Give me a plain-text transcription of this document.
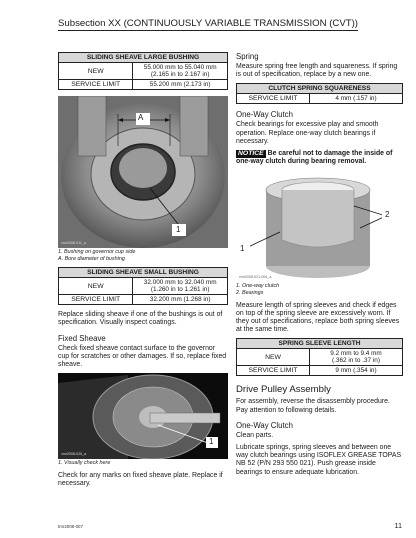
Subsection XX (CONTINUOUSLY VARIABLE TRANSMISSION (CVT))
SLIDING SHEAVE LARGE BUSHING	
NEW	55.000 mm to 55.040 mm
(2.165 in to 2.167 in)
SERVICE LIMIT	55.200 mm (2.173 in)
A
1
vmr2008-011_a
1. Bushing on governor cup side
A. Bore diameter of bushing
SLIDING SHEAVE SMALL BUSHING	
NEW	32.000 mm to 32.040 mm
(1.260 in to 1.261 in)
SERVICE LIMIT	32.200 mm (1.268 in)

Replace sliding sheave if one of the bushings is out of specification. Visually inspect coatings.

Fixed Sheave

Check fixed sheave contact surface to the governor cup for scratches or other damages. If so, replace fixed sheave.

1
vmr2008-020_a
1. Visually check here

Check for any marks on fixed sheave plate. Replace if necessary.

Spring

Measure spring free length and squareness. If spring is out of specification, replace by a new one.

CLUTCH SPRING SQUARENESS
SERVICE LIMIT	4 mm (.157 in)
One-Way Clutch

Check bearings for excessive play and smooth operation. Replace one-way clutch bearings if necessary.

NOTICE Be careful not to damage the inside of one-way clutch during bearing removal.

1
2
vmr2008-021-004_a
1. One-way clutch
2. Bearings

Measure length of spring sleeves and check if edges on top of the spring sleeve are excessively worn. If they out of specifications, replace both spring sleeves at the same time.

SPRING SLEEVE LENGTH	
NEW	9.2 mm to 9.4 mm
(.362 in to .37 in)
SERVICE LIMIT	9 mm (.354 in)
Drive Pulley Assembly

For assembly, reverse the disassembly procedure. Pay attention to following details.

One-Way Clutch

Clean parts.

Lubricate springs, spring sleeves and between one way clutch bearings using ISOFLEX GREASE TOPAS NB 52 (P/N 293 550 021). Push grease inside bearings to ensure adequate lubrication.

tmr2008-007	11
